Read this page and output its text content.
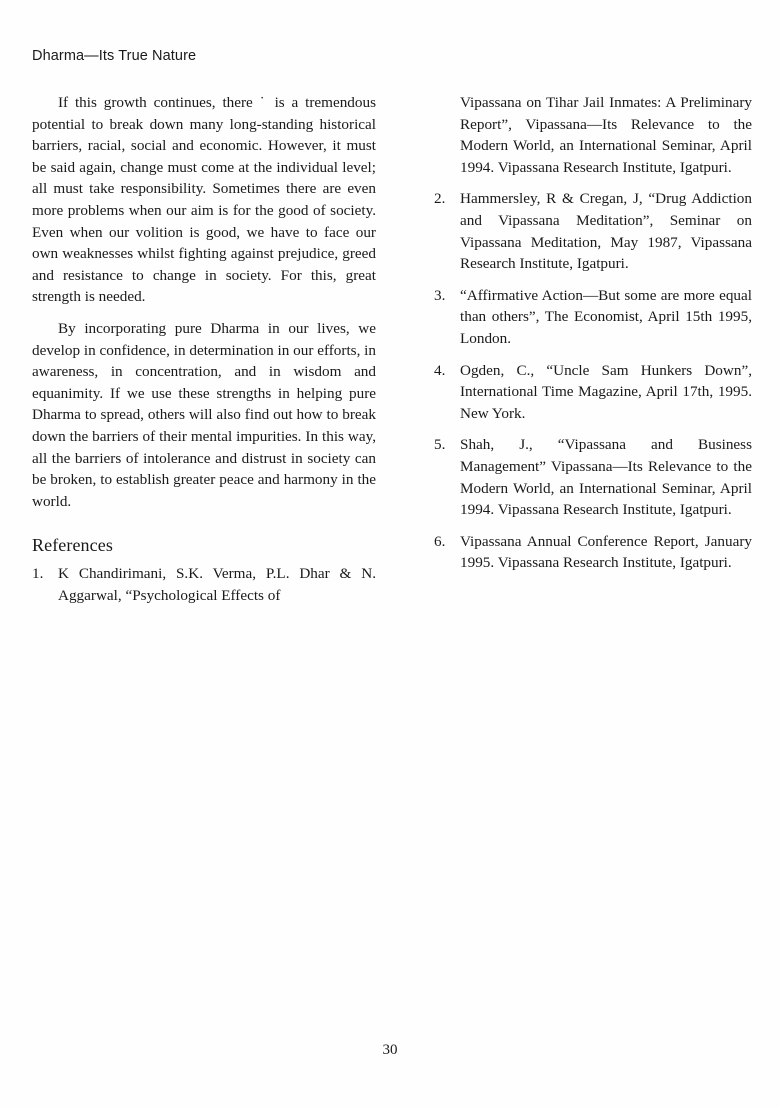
Dharma—Its True Nature

If this growth continues, there ˙ is a tremendous potential to break down many long-standing historical barriers, racial, social and economic. However, it must be said again, change must come at the individual level; all must take responsibility. Sometimes there are even more problems when our aim is for the good of society. Even when our volition is good, we have to face our own weaknesses whilst fighting against prejudice, greed and resistance to change in society. For this, great strength is needed.

By incorporating pure Dharma in our lives, we develop in confidence, in determination in our efforts, in awareness, in concentration, and in wisdom and equanimity. If we use these strengths in helping pure Dharma to spread, others will also find out how to break down the barriers of their mental impurities. In this way, all the barriers of intolerance and distrust in society can be broken, to establish greater peace and harmony in the world.

References
1. K Chandirimani, S.K. Verma, P.L. Dhar & N. Aggarwal, “Psychological Effects of

Vipassana on Tihar Jail Inmates: A Preliminary Report”, Vipassana—Its Relevance to the Modern World, an International Seminar, April 1994. Vipassana Research Institute, Igatpuri.

2. Hammersley, R & Cregan, J, “Drug Addiction and Vipassana Meditation”, Seminar on Vipassana Meditation, May 1987, Vipassana Research Institute, Igatpuri.
3. “Affirmative Action—But some are more equal than others”, The Economist, April 15th 1995, London.
4. Ogden, C., “Uncle Sam Hunkers Down”, International Time Magazine, April 17th, 1995. New York.
5. Shah, J., “Vipassana and Business Management” Vipassana—Its Relevance to the Modern World, an International Seminar, April 1994. Vipassana Research Institute, Igatpuri.
6. Vipassana Annual Conference Report, January 1995. Vipassana Research Institute, Igatpuri.
30
